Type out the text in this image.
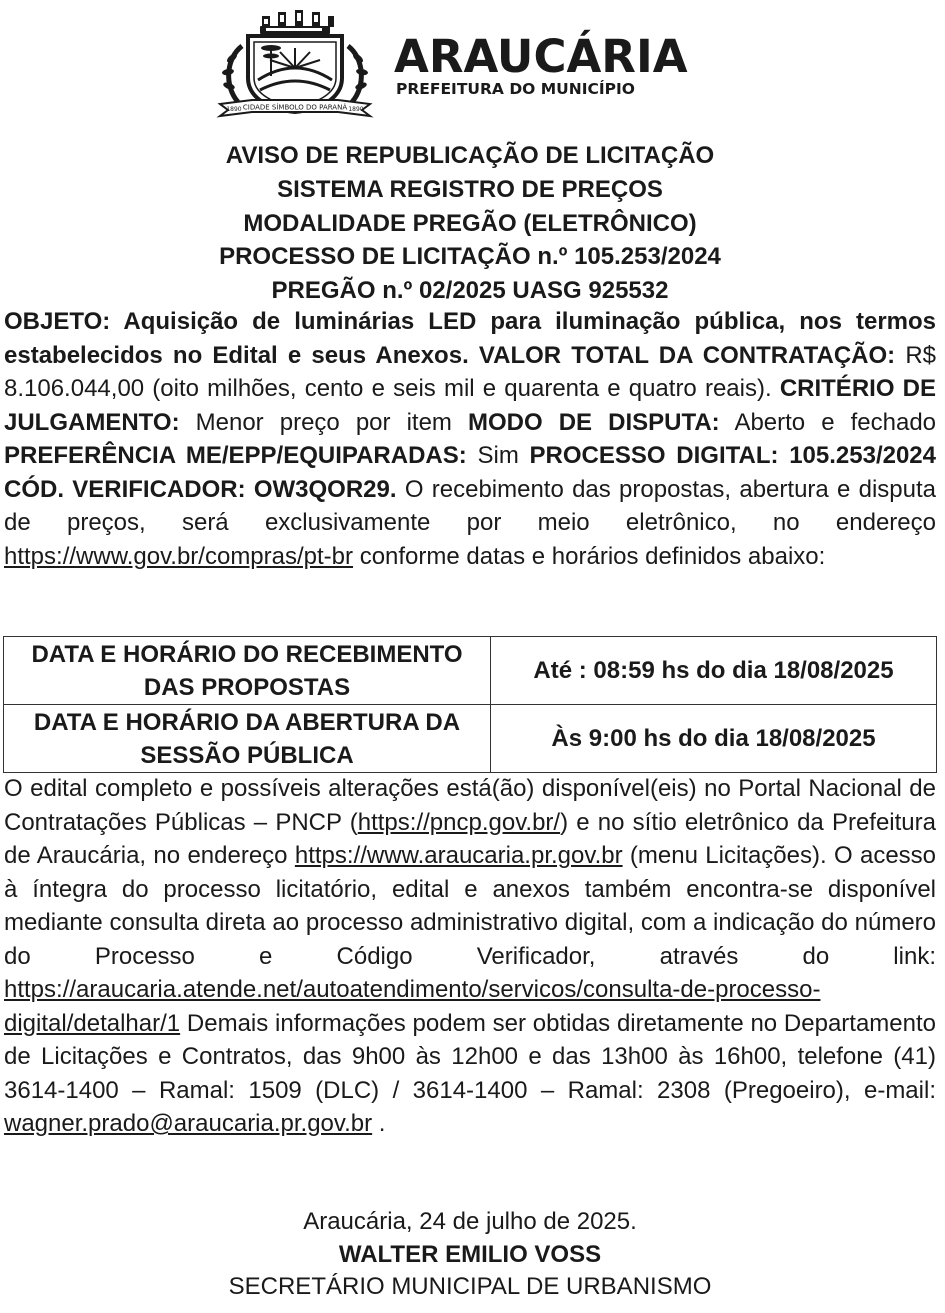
CIDADE SÍMBOLO DO PARANÁ
1890	1890
ARAUCÁRIA
PREFEITURA DO MUNICÍPIO
AVISO DE REPUBLICAÇÃO DE LICITAÇÃO
SISTEMA REGISTRO DE PREÇOS
MODALIDADE PREGÃO (ELETRÔNICO)
PROCESSO DE LICITAÇÃO n.º 105.253/2024
PREGÃO n.º 02/2025 UASG 925532
OBJETO: Aquisição de luminárias LED para iluminação pública, nos termos estabelecidos no Edital e seus Anexos. VALOR TOTAL DA CONTRATAÇÃO: R$ 8.106.044,00 (oito milhões, cento e seis mil e quarenta e quatro reais). CRITÉRIO DE JULGAMENTO: Menor preço por item MODO DE DISPUTA: Aberto e fechado PREFERÊNCIA ME/EPP/EQUIPARADAS: Sim PROCESSO DIGITAL: 105.253/2024 CÓD. VERIFICADOR: OW3QOR29. O recebimento das propostas, abertura e disputa de preços, será exclusivamente por meio eletrônico, no endereço https://www.gov.br/compras/pt-br conforme datas e horários definidos abaixo:
DATA E HORÁRIO DO RECEBIMENTO DAS PROPOSTAS	Até : 08:59 hs do dia 18/08/2025
DATA E HORÁRIO DA ABERTURA DA SESSÃO PÚBLICA	Às 9:00 hs do dia 18/08/2025
O edital completo e possíveis alterações está(ão) disponível(eis) no Portal Nacional de Contratações Públicas – PNCP (https://pncp.gov.br/) e no sítio eletrônico da Prefeitura de Araucária, no endereço https://www.araucaria.pr.gov.br (menu Licitações). O acesso à íntegra do processo licitatório, edital e anexos também encontra-se disponível mediante consulta direta ao processo administrativo digital, com a indicação do número do Processo e Código Verificador, através do link: https://araucaria.atende.net/autoatendimento/servicos/consulta-de-processo-digital/detalhar/1 Demais informações podem ser obtidas diretamente no Departamento de Licitações e Contratos, das 9h00 às 12h00 e das 13h00 às 16h00, telefone (41) 3614-1400 – Ramal: 1509 (DLC) / 3614-1400 – Ramal: 2308 (Pregoeiro), e-mail: wagner.prado@araucaria.pr.gov.br .
Araucária, 24 de julho de 2025.
WALTER EMILIO VOSS
SECRETÁRIO MUNICIPAL DE URBANISMO
